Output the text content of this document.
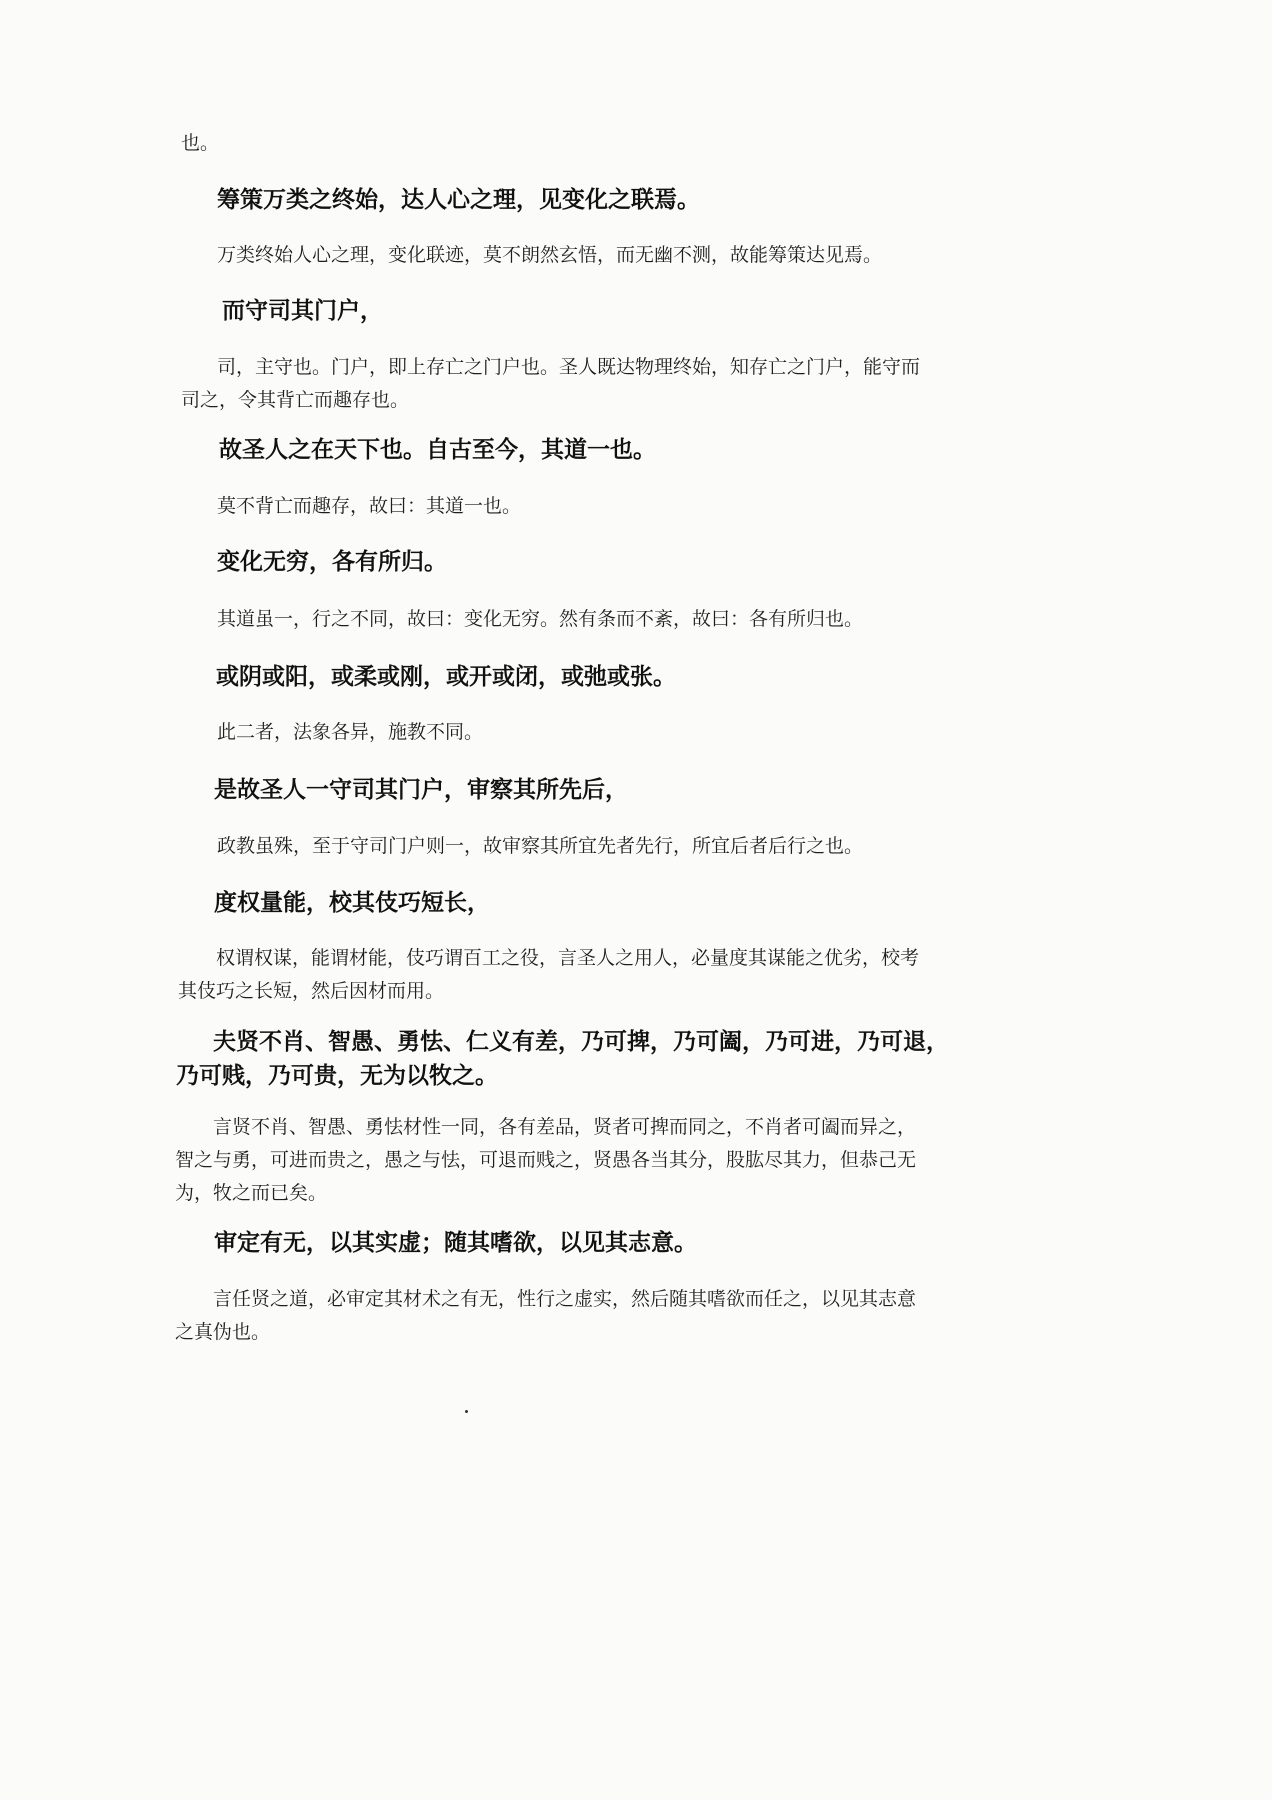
也。

筹策万类之终始，达人心之理，见变化之联焉。

万类终始人心之理，变化联迹，莫不朗然玄悟，而无幽不测，故能筹策达见焉。

而守司其门户，

司，主守也。门户，即上存亡之门户也。圣人既达物理终始，知存亡之门户，能守而
司之，令其背亡而趣存也。

故圣人之在天下也。自古至今，其道一也。

莫不背亡而趣存，故曰：其道一也。

变化无穷，各有所归。

其道虽一，行之不同，故曰：变化无穷。然有条而不紊，故曰：各有所归也。

或阴或阳，或柔或刚，或开或闭，或弛或张。

此二者，法象各异，施教不同。

是故圣人一守司其门户，审察其所先后，

政教虽殊，至于守司门户则一，故审察其所宜先者先行，所宜后者后行之也。

度权量能，校其伎巧短长，

权谓权谋，能谓材能，伎巧谓百工之役，言圣人之用人，必量度其谋能之优劣，校考
其伎巧之长短，然后因材而用。

夫贤不肖、智愚、勇怯、仁义有差，乃可捭，乃可阖，乃可进，乃可退，
乃可贱，乃可贵，无为以牧之。

言贤不肖、智愚、勇怯材性一同，各有差品，贤者可捭而同之，不肖者可阖而异之，
智之与勇，可进而贵之，愚之与怯，可退而贱之，贤愚各当其分，股肱尽其力，但恭己无
为，牧之而已矣。

审定有无，以其实虚；随其嗜欲，以见其志意。

言任贤之道，必审定其材术之有无，性行之虚实，然后随其嗜欲而任之，以见其志意
之真伪也。
